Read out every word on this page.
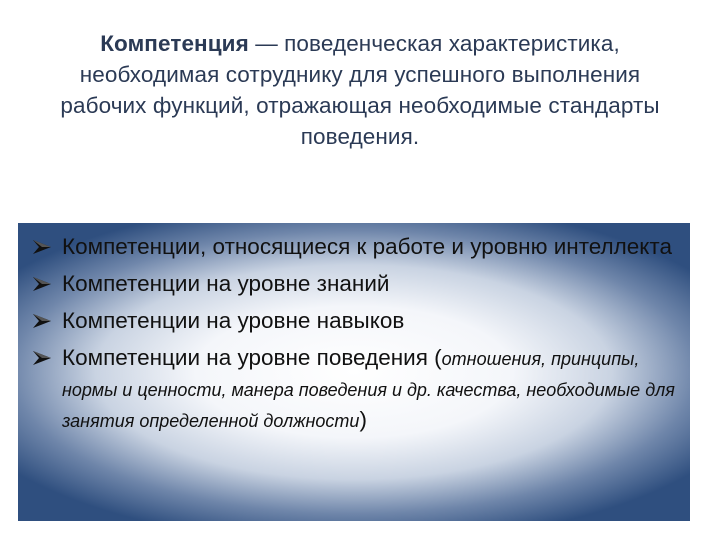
Компетенция — поведенческая характеристика, необходимая сотруднику для успешного выполнения рабочих функций, отражающая необходимые стандарты поведения.
Компетенции, относящиеся к работе и уровню интеллекта
Компетенции на уровне знаний
Компетенции на уровне навыков
Компетенции на уровне поведения (отношения, принципы, нормы и ценности, манера поведения и др. качества, необходимые для занятия определенной должности)
